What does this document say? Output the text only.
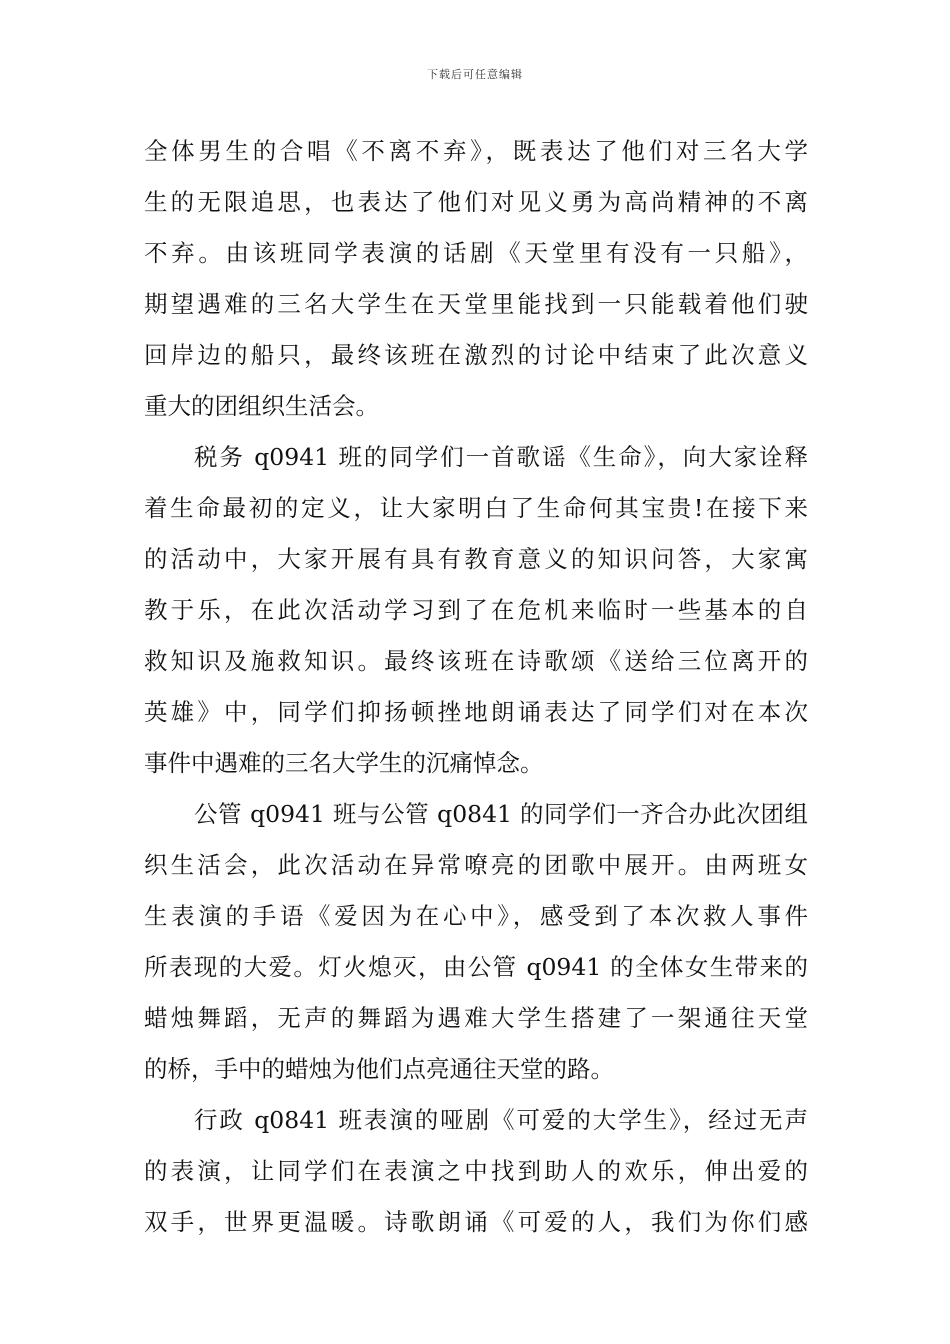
下载后可任意编辑
全体男生的合唱《不离不弃》，既表达了他们对三名大学
生的无限追思，也表达了他们对见义勇为高尚精神的不离
不弃。由该班同学表演的话剧《天堂里有没有一只船》，
期望遇难的三名大学生在天堂里能找到一只能载着他们驶
回岸边的船只，最终该班在激烈的讨论中结束了此次意义
重大的团组织生活会。
税务 q0941 班的同学们一首歌谣《生命》，向大家诠释
着生命最初的定义，让大家明白了生命何其宝贵!在接下来
的活动中，大家开展有具有教育意义的知识问答，大家寓
教于乐，在此次活动学习到了在危机来临时一些基本的自
救知识及施救知识。最终该班在诗歌颂《送给三位离开的
英雄》中，同学们抑扬顿挫地朗诵表达了同学们对在本次
事件中遇难的三名大学生的沉痛悼念。
公管 q0941 班与公管 q0841 的同学们一齐合办此次团组
织生活会，此次活动在异常嘹亮的团歌中展开。由两班女
生表演的手语《爱因为在心中》，感受到了本次救人事件
所表现的大爱。灯火熄灭，由公管 q0941 的全体女生带来的
蜡烛舞蹈，无声的舞蹈为遇难大学生搭建了一架通往天堂
的桥，手中的蜡烛为他们点亮通往天堂的路。
行政 q0841 班表演的哑剧《可爱的大学生》，经过无声
的表演，让同学们在表演之中找到助人的欢乐，伸出爱的
双手，世界更温暖。诗歌朗诵《可爱的人，我们为你们感
